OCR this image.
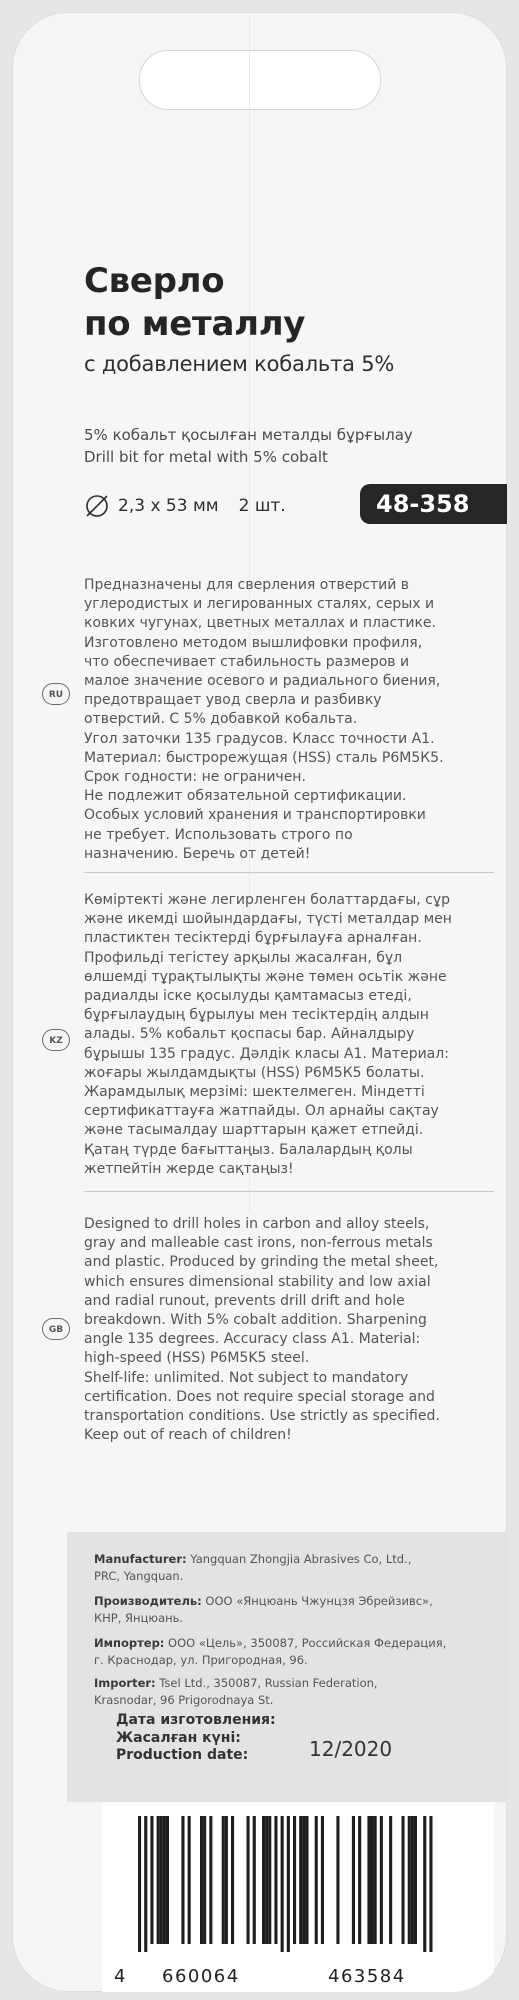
Сверло
по металлу

с добавлением кобальта 5%

5% кобальт қосылған металды бұрғылау
Drill bit for metal with 5% cobalt
2,3 х 53 мм 2 шт.	48-358
Предназначены для сверления отверстий в
углеродистых и легированных сталях, серых и
ковких чугунах, цветных металлах и пластике.
Изготовлено методом вышлифовки профиля,
что обеспечивает стабильность размеров и
малое значение осевого и радиального биения,
предотвращает увод сверла и разбивку
отверстий. С 5% добавкой кобальта.
Угол заточки 135 градусов. Класс точности A1.
Материал: быстрорежущая (HSS) сталь Р6М5К5.
Срок годности: не ограничен.
Не подлежит обязательной сертификации.
Особых условий хранения и транспортировки
не требует. Использовать строго по
назначению. Беречь от детей!
RU
Көміртекті және легирленген болаттардағы, сұр
және икемді шойындардағы, түсті металдар мен
пластиктен тесіктерді бұрғылауға арналған.
Профильді тегістеу арқылы жасалған, бұл
өлшемді тұрақтылықты және төмен осьтік және
радиалды іске қосылуды қамтамасыз етеді,
бұрғылаудың бұрылуы мен тесіктердің алдын
алады. 5% кобальт қоспасы бар. Айналдыру
бұрышы 135 градус. Дәлдік класы A1. Материал:
жоғары жылдамдықты (HSS) Р6М5К5 болаты.
Жарамдылық мерзімі: шектелмеген. Міндетті
сертификаттауға жатпайды. Ол арнайы сақтау
және тасымалдау шарттарын қажет етпейді.
Қатаң түрде бағыттаңыз. Балалардың қолы
жетпейтін жерде сақтаңыз!
KZ
Designed to drill holes in carbon and alloy steels,
gray and malleable cast irons, non-ferrous metals
and plastic. Produced by grinding the metal sheet,
which ensures dimensional stability and low axial
and radial runout, prevents drill drift and hole
breakdown. With 5% cobalt addition. Sharpening
angle 135 degrees. Accuracy class A1. Material:
high-speed (HSS) P6M5K5 steel.
Shelf-life: unlimited. Not subject to mandatory
certification. Does not require special storage and
transportation conditions. Use strictly as specified.
Keep out of reach of children!
GB
Manufacturer: Yangquan Zhongjia Abrasives Co, Ltd.,
PRC, Yangquan.
Производитель: ООО «Янцюань Чжунцзя Эбрейзивс»,
КНР, Янцюань.
Импортер: ООО «Цель», 350087, Российская Федерация,
г. Краснодар, ул. Пригородная, 96.
Importer: Tsel Ltd., 350087, Russian Federation,
Krasnodar, 96 Prigorodnaya St.
Дата изготовления:
Жасалған күні:
Production date:	12/2020
4 660064	463584
